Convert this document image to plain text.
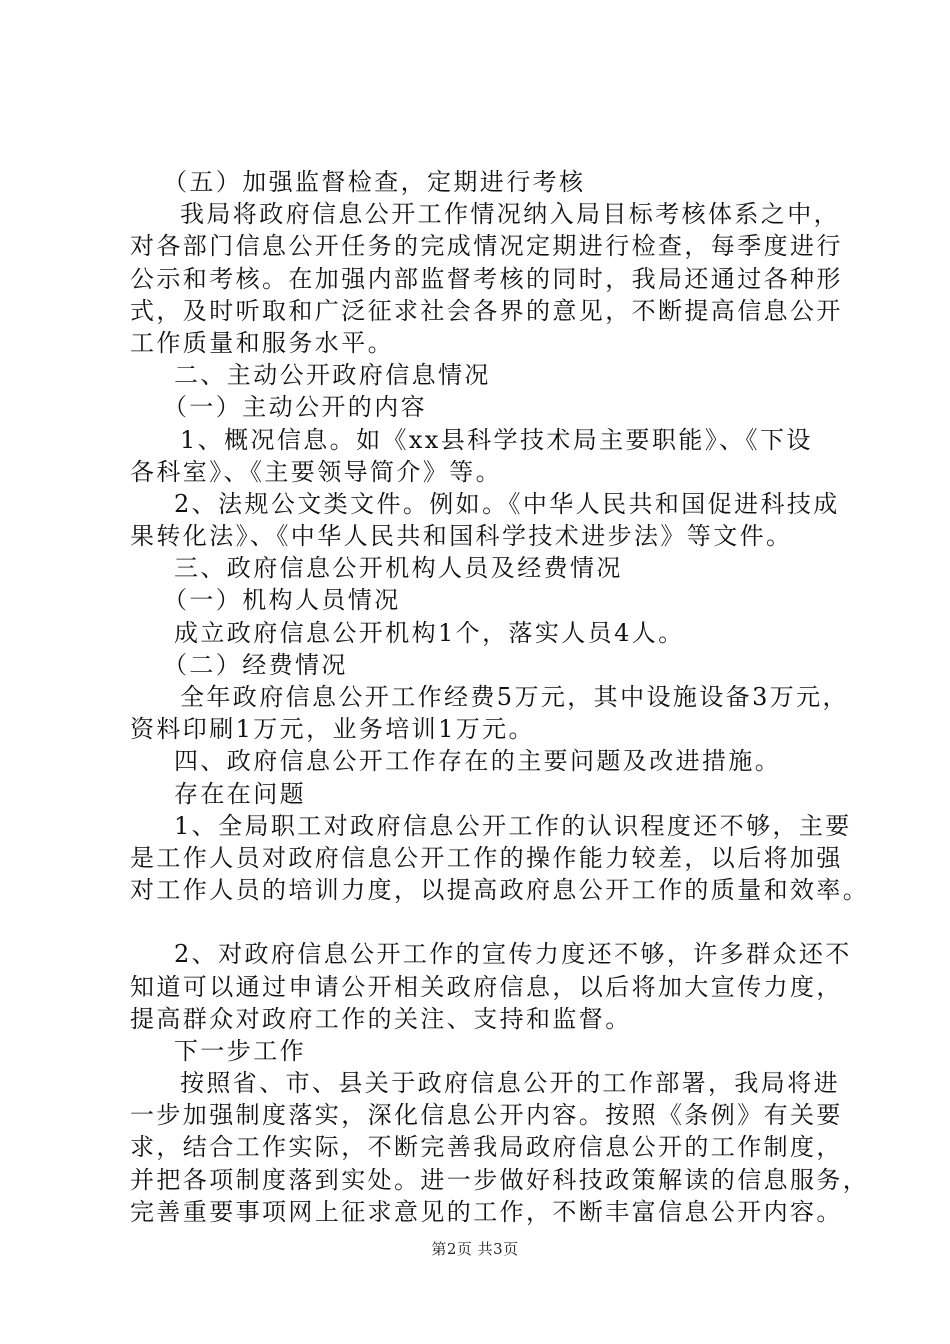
（五）加强监督检查，定期进行考核
我局将政府信息公开工作情况纳入局目标考核体系之中，
对各部门信息公开任务的完成情况定期进行检查，每季度进行
公示和考核。在加强内部监督考核的同时，我局还通过各种形
式，及时听取和广泛征求社会各界的意见，不断提高信息公开
工作质量和服务水平。
二、主动公开政府信息情况
（一）主动公开的内容
1、概况信息。如《xx县科学技术局主要职能》、《下设
各科室》、《主要领导简介》等。
2、法规公文类文件。例如。《中华人民共和国促进科技成
果转化法》、《中华人民共和国科学技术进步法》等文件。
三、政府信息公开机构人员及经费情况
（一）机构人员情况
成立政府信息公开机构1个，落实人员4人。
（二）经费情况
全年政府信息公开工作经费5万元，其中设施设备3万元，
资料印刷1万元，业务培训1万元。
四、政府信息公开工作存在的主要问题及改进措施。
存在在问题
1、全局职工对政府信息公开工作的认识程度还不够，主要
是工作人员对政府信息公开工作的操作能力较差，以后将加强
对工作人员的培训力度，以提高政府息公开工作的质量和效率。
2、对政府信息公开工作的宣传力度还不够，许多群众还不
知道可以通过申请公开相关政府信息，以后将加大宣传力度，
提高群众对政府工作的关注、支持和监督。
下一步工作
按照省、市、县关于政府信息公开的工作部署，我局将进
一步加强制度落实，深化信息公开内容。按照《条例》有关要
求，结合工作实际，不断完善我局政府信息公开的工作制度，
并把各项制度落到实处。进一步做好科技政策解读的信息服务，
完善重要事项网上征求意见的工作，不断丰富信息公开内容。
第2页 共3页
